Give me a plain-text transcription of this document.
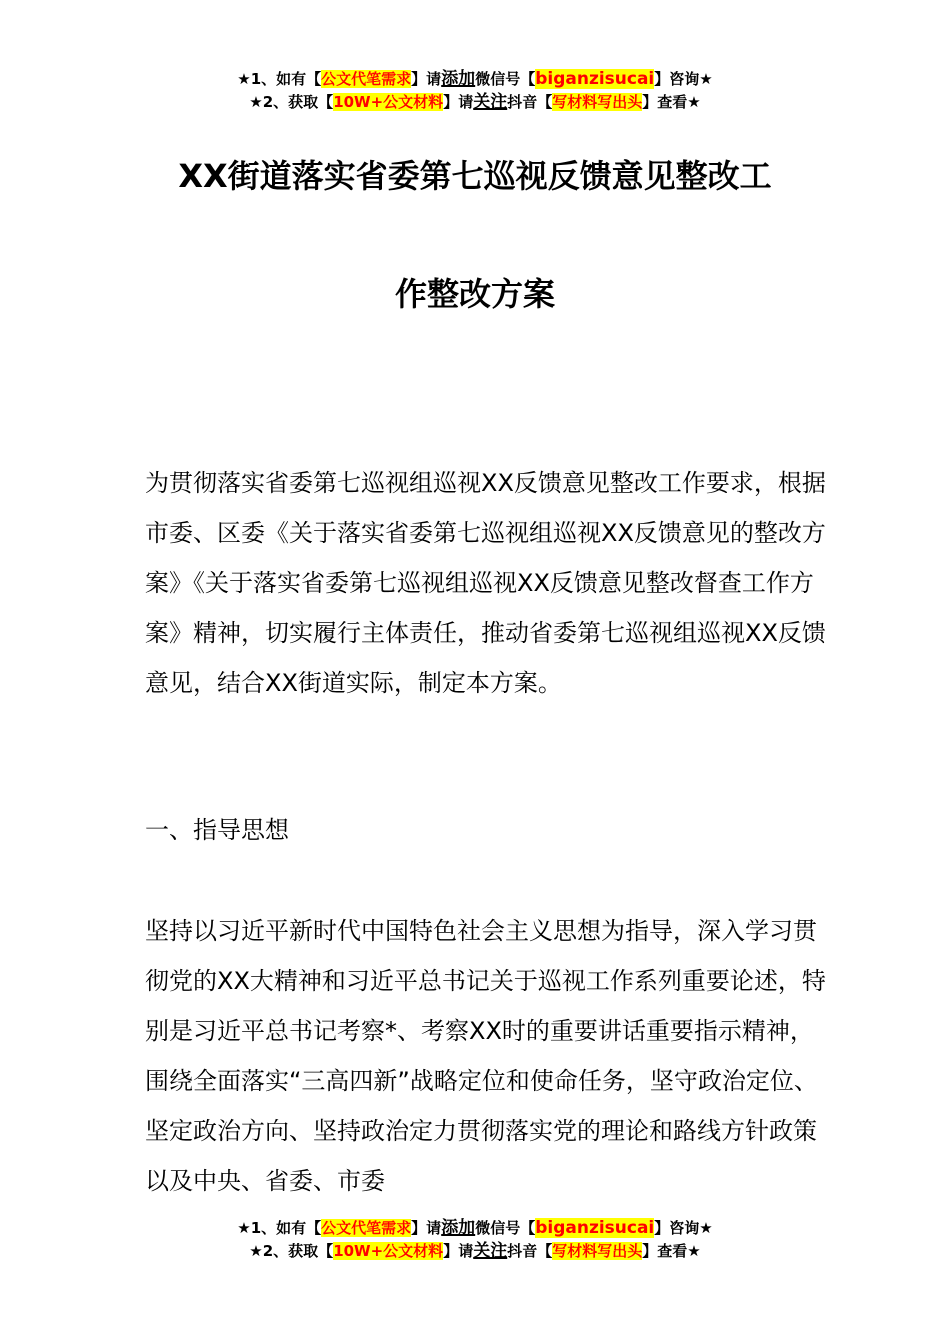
★1、如有【公文代笔需求】请添加微信号【biganzisucai】咨询★
★2、获取【10W+公文材料】请关注抖音【写材料写出头】查看★
XX街道落实省委第七巡视反馈意见整改工
作整改方案

为贯彻落实省委第七巡视组巡视XX反馈意见整改工作要求，根据市委、区委《关于落实省委第七巡视组巡视XX反馈意见的整改方案》《关于落实省委第七巡视组巡视XX反馈意见整改督查工作方案》精神，切实履行主体责任，推动省委第七巡视组巡视XX反馈意见，结合XX街道实际，制定本方案。

一、指导思想

坚持以习近平新时代中国特色社会主义思想为指导，深入学习贯彻党的XX大精神和习近平总书记关于巡视工作系列重要论述，特别是习近平总书记考察*、考察XX时的重要讲话重要指示精神，围绕全面落实“三高四新”战略定位和使命任务，坚守政治定位、坚定政治方向、坚持政治定力贯彻落实党的理论和路线方针政策以及中央、省委、市委

★1、如有【公文代笔需求】请添加微信号【biganzisucai】咨询★
★2、获取【10W+公文材料】请关注抖音【写材料写出头】查看★
